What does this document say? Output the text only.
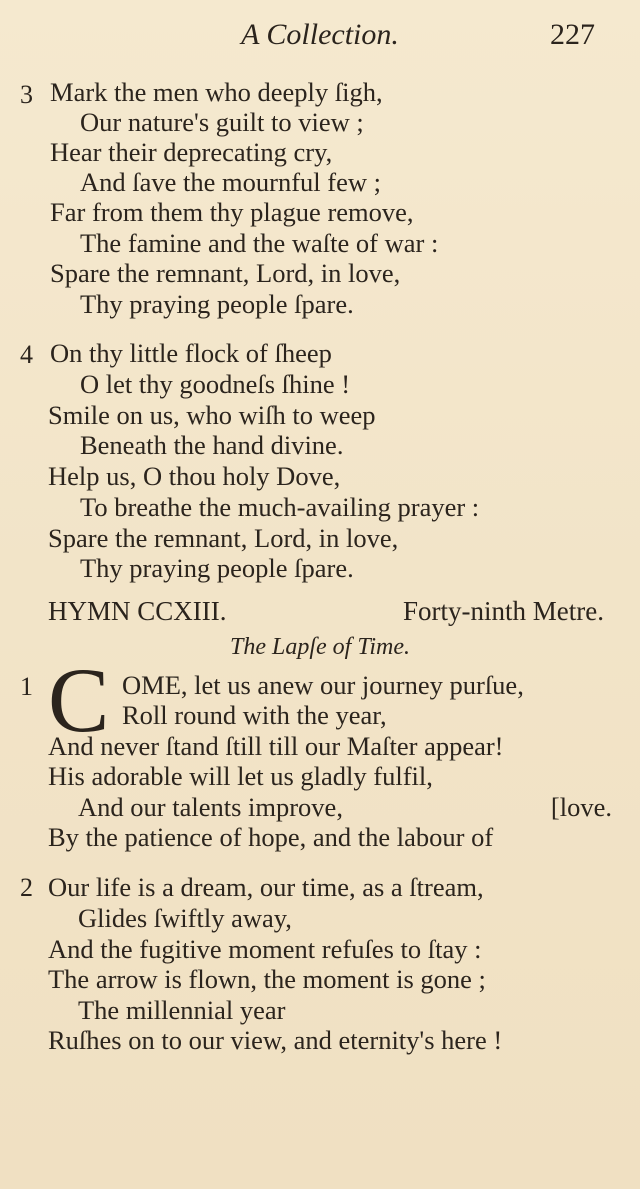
A Collection.	227
3 Mark the men who deeply ſigh,
Our nature's guilt to view ;
Hear their deprecating cry,
And ſave the mournful few ;
Far from them thy plague remove,
The famine and the waſte of war :
Spare the remnant, Lord, in love,
Thy praying people ſpare.
4 On thy little flock of ſheep
O let thy goodneſs ſhine !
Smile on us, who wiſh to weep
Beneath the hand divine.
Help us, O thou holy Dove,
To breathe the much-availing prayer :
Spare the remnant, Lord, in love,
Thy praying people ſpare.
HYMN CCXIII.	Forty-ninth Metre.
The Lapſe of Time.
1 C OME, let us anew our journey purſue,
Roll round with the year,
And never ſtand ſtill till our Maſter appear!
His adorable will let us gladly fulfil,
And our talents improve,	[love.
By the patience of hope, and the labour of
2 Our life is a dream, our time, as a ſtream,
Glides ſwiftly away,
And the fugitive moment refuſes to ſtay :
The arrow is flown, the moment is gone ;
The millennial year
Ruſhes on to our view, and eternity's here !
